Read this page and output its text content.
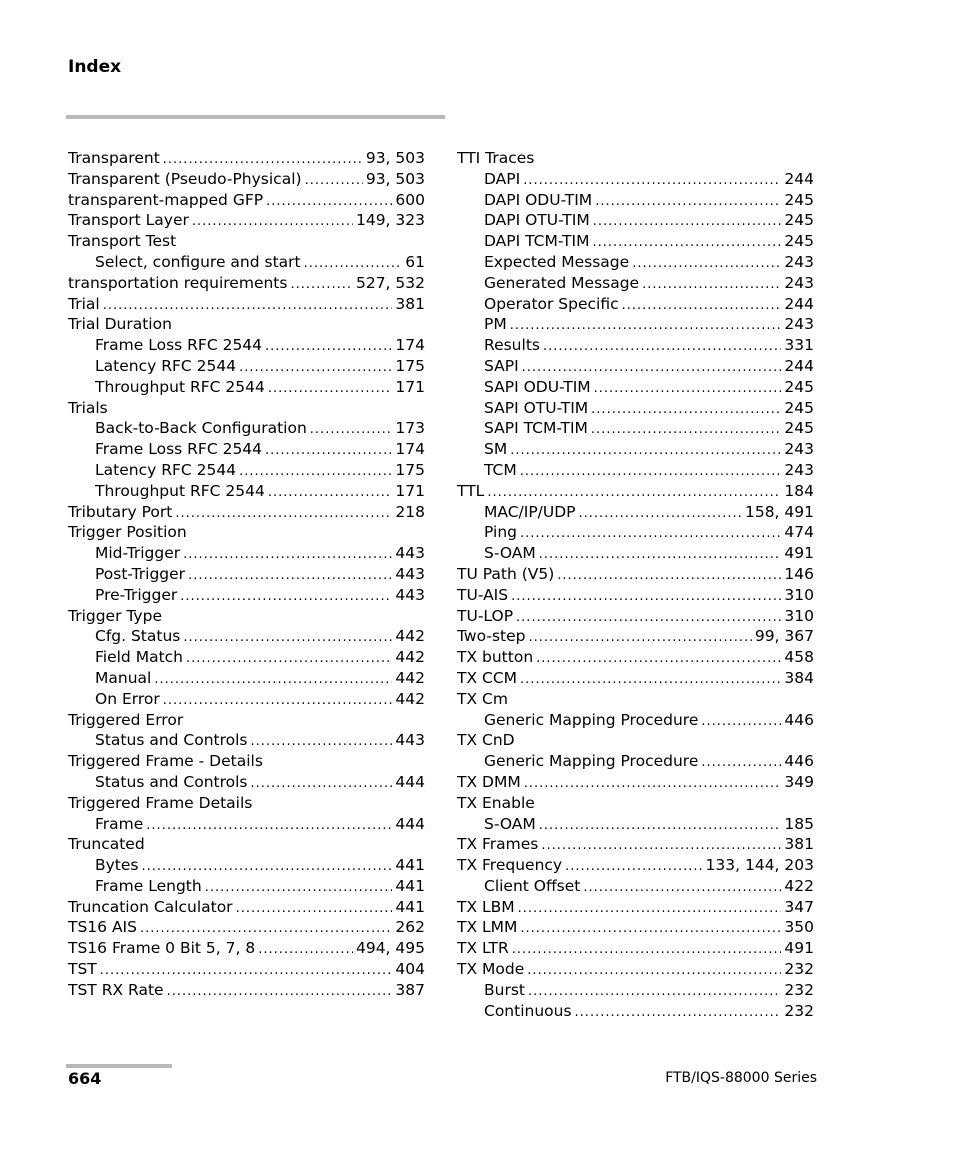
Index
Transparent .....	93, 503
Transparent (Pseudo-Physical) .....	93, 503
transparent-mapped GFP .....	600
Transport Layer .....	149, 323
Transport Test
Select, configure and start .....	61
transportation requirements .....	527, 532
Trial .....	381
Trial Duration
Frame Loss RFC 2544 .....	174
Latency RFC 2544 .....	175
Throughput RFC 2544 .....	171
Trials
Back-to-Back Configuration .....	173
Frame Loss RFC 2544 .....	174
Latency RFC 2544 .....	175
Throughput RFC 2544 .....	171
Tributary Port .....	218
Trigger Position
Mid-Trigger .....	443
Post-Trigger .....	443
Pre-Trigger .....	443
Trigger Type
Cfg. Status .....	442
Field Match .....	442
Manual .....	442
On Error .....	442
Triggered Error
Status and Controls .....	443
Triggered Frame - Details
Status and Controls .....	444
Triggered Frame Details
Frame .....	444
Truncated
Bytes .....	441
Frame Length .....	441
Truncation Calculator .....	441
TS16 AIS .....	262
TS16 Frame 0 Bit 5, 7, 8 .....	494, 495
TST .....	404
TST RX Rate .....	387
TTI Traces
DAPI .....	244
DAPI ODU-TIM .....	245
DAPI OTU-TIM .....	245
DAPI TCM-TIM .....	245
Expected Message .....	243
Generated Message .....	243
Operator Specific .....	244
PM .....	243
Results .....	331
SAPI .....	244
SAPI ODU-TIM .....	245
SAPI OTU-TIM .....	245
SAPI TCM-TIM .....	245
SM .....	243
TCM .....	243
TTL .....	184
MAC/IP/UDP .....	158, 491
Ping .....	474
S-OAM .....	491
TU Path (V5) .....	146
TU-AIS .....	310
TU-LOP .....	310
Two-step .....	99, 367
TX button .....	458
TX CCM .....	384
TX Cm
Generic Mapping Procedure .....	446
TX CnD
Generic Mapping Procedure .....	446
TX DMM .....	349
TX Enable
S-OAM .....	185
TX Frames .....	381
TX Frequency .....	133, 144, 203
Client Offset .....	422
TX LBM .....	347
TX LMM .....	350
TX LTR .....	491
TX Mode .....	232
Burst .....	232
Continuous .....	232
664	FTB/IQS-88000 Series
